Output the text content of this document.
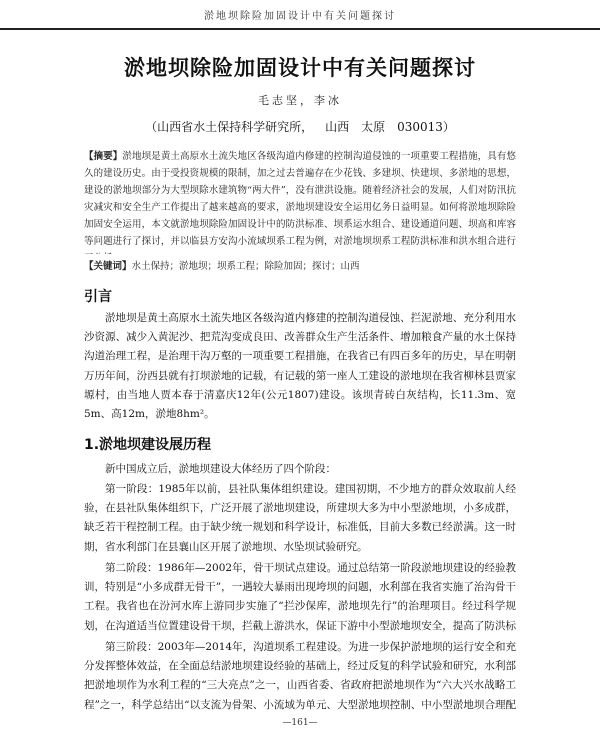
淤地坝除险加固设计中有关问题探讨
淤地坝除险加固设计中有关问题探讨
毛志坚，李冰
（山西省水土保持科学研究所， 山西 太原 030013）
【摘要】淤地坝是黄土高原水土流失地区各级沟道内修建的控制沟道侵蚀的一项重要工程措施，具有悠久的建设历史。由于受投资规模的限制，加之过去普遍存在少花钱、多建坝、快建坝、多淤地的思想，建设的淤地坝部分为大型坝除水建筑物“两大件”，没有泄洪设施。随着经济社会的发展，人们对防汛抗灾减灾和安全生产工作提出了越来越高的要求，淤地坝建设安全运用亿务日益明显。如何将淤地坝除险加固安全运用，本文就淤地坝除险加固设计中的防洪标准、坝系运水组合、建设通道问题、坝高和库容等问题进行了探讨，并以临县方安沟小流域坝系工程为例，对淤地坝坝系工程防洪标准和洪水组合进行
【关键词】水土保持；淤地坝；坝系工程；除险加固；探讨；山西
引言

淤地坝是黄土高原水土流失地区各级沟道内修建的控制沟道侵蚀、拦泥淤地、充分利用水沙资源、减少入黄泥沙、把荒沟变成良田、改善群众生产生活条件、增加粮食产量的水土保持沟道治理工程，是治理干沟万壑的一项重要工程措施，在我省已有四百多年的历史，早在明朝万历年间，汾西县就有打坝淤地的记载，有记载的第一座人工建设的淤地坝在我省柳林县贾家塬村，由当地人贾本春于清嘉庆12年(公元1807)建设。该坝青砖白灰结构，长11.3m、宽5m、高12m，淤地8hm²。

1.淤地坝建设展历程

新中国成立后，淤地坝建设大体经历了四个阶段：

第一阶段：1985年以前，县社队集体组织建设。建国初期，不少地方的群众效取前人经验，在县社队集体组织下，广泛开展了淤地坝建设，所建坝大多为中小型淤地坝，小多成群，缺乏若干程控制工程。由于缺少统一规划和科学设计，标准低，目前大多数已经淤满。这一时期，省水利部门在县襄山区开展了淤地坝、水坠坝试验研究。

第二阶段：1986年—2002年，骨干坝试点建设。通过总结第一阶段淤地坝建设的经验教训，特别是“小多成群无骨干”，一遇较大暴雨出现垮坝的问题，水利部在我省实施了治沟骨干工程。我省也在汾河水库上游同步实施了“拦沙保库，淤地坝先行”的治理项目。经过科学规划，在沟道适当位置建设骨干坝，拦截上游洪水，保证下游中小型淤地坝安全，提高了防洪标

第三阶段：2003年—2014年，沟道坝系工程建设。为进一步保护淤地坝的运行安全和充分发挥整体效益，在全面总结淤地坝建设经验的基础上，经过反复的科学试验和研究，水利部把淤地坝作为水利工程的“三大亮点”之一，山西省委、省政府把淤地坝作为“六大兴水战略工程”之一，科学总结出“以支流为骨架、小流域为单元、大型淤地坝控制、中小型淤地坝合理配

—161—
